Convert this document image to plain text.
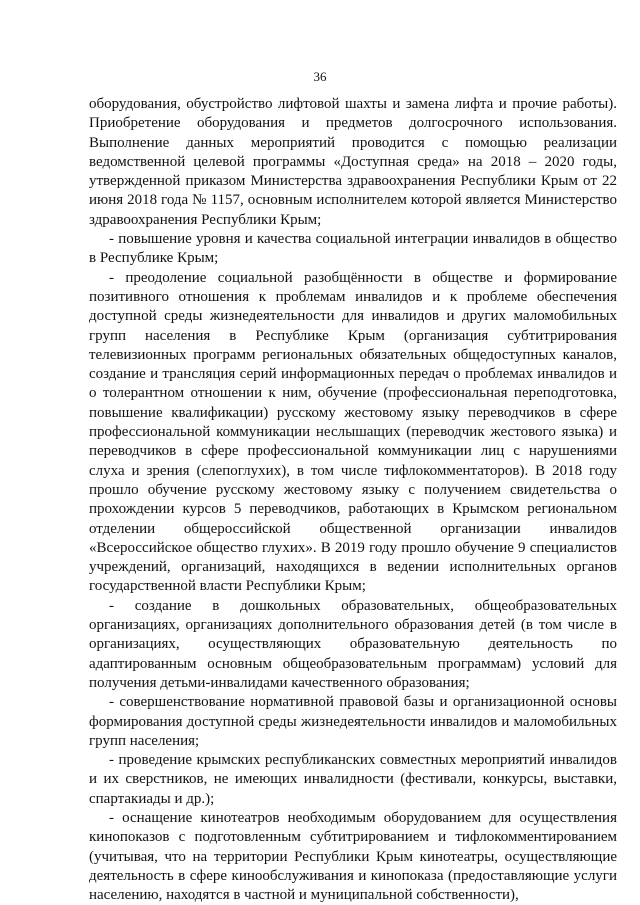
36

оборудования, обустройство лифтовой шахты и замена лифта и прочие работы). Приобретение оборудования и предметов долгосрочного использования. Выполнение данных мероприятий проводится с помощью реализации ведомственной целевой программы «Доступная среда» на 2018 – 2020 годы, утвержденной приказом Министерства здравоохранения Республики Крым от 22 июня 2018 года № 1157, основным исполнителем которой является Министерство здравоохранения Республики Крым;

- повышение уровня и качества социальной интеграции инвалидов в общество в Республике Крым;

- преодоление социальной разобщённости в обществе и формирование позитивного отношения к проблемам инвалидов и к проблеме обеспечения доступной среды жизнедеятельности для инвалидов и других маломобильных групп населения в Республике Крым (организация субтитрирования телевизионных программ региональных обязательных общедоступных каналов, создание и трансляция серий информационных передач о проблемах инвалидов и о толерантном отношении к ним, обучение (профессиональная переподготовка, повышение квалификации) русскому жестовому языку переводчиков в сфере профессиональной коммуникации неслышащих (переводчик жестового языка) и переводчиков в сфере профессиональной коммуникации лиц с нарушениями слуха и зрения (слепоглухих), в том числе тифлокомментаторов). В 2018 году прошло обучение русскому жестовому языку с получением свидетельства о прохождении курсов 5 переводчиков, работающих в Крымском региональном отделении общероссийской общественной организации инвалидов «Всероссийское общество глухих». В 2019 году прошло обучение 9 специалистов учреждений, организаций, находящихся в ведении исполнительных органов государственной власти Республики Крым;

- создание в дошкольных образовательных, общеобразовательных организациях, организациях дополнительного образования детей (в том числе в организациях, осуществляющих образовательную деятельность по адаптированным основным общеобразовательным программам) условий для получения детьми-инвалидами качественного образования;

- совершенствование нормативной правовой базы и организационной основы формирования доступной среды жизнедеятельности инвалидов и маломобильных групп населения;

- проведение крымских республиканских совместных мероприятий инвалидов и их сверстников, не имеющих инвалидности (фестивали, конкурсы, выставки, спартакиады и др.);

- оснащение кинотеатров необходимым оборудованием для осуществления кинопоказов с подготовленным субтитрированием и тифлокомментированием (учитывая, что на территории Республики Крым кинотеатры, осуществляющие деятельность в сфере кинообслуживания и кинопоказа (предоставляющие услуги населению, находятся в частной и муниципальной собственности),
